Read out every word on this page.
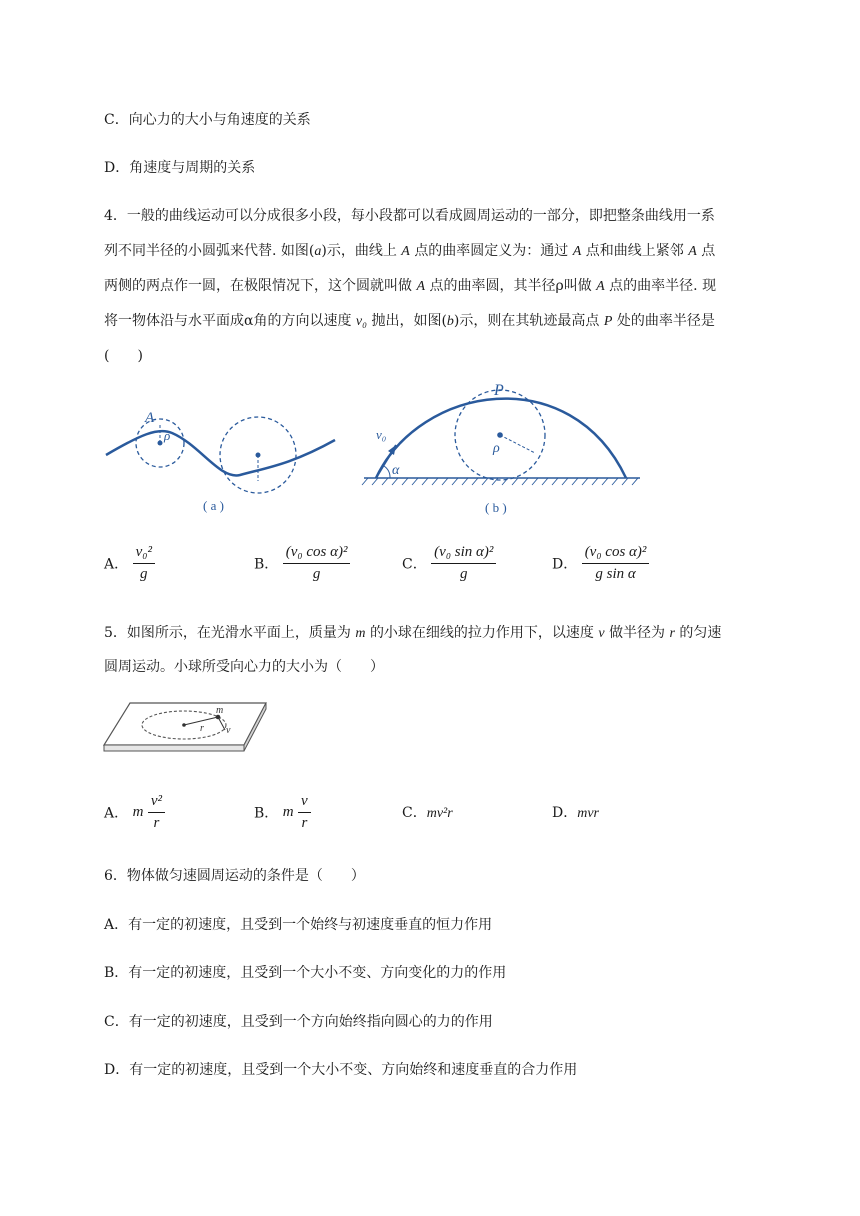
C．向心力的大小与角速度的关系
D．角速度与周期的关系
4．一般的曲线运动可以分成很多小段，每小段都可以看成圆周运动的一部分，即把整条曲线用一系
列不同半径的小圆弧来代替. 如图(a)示，曲线上 A 点的曲率圆定义为：通过 A 点和曲线上紧邻 A 点
两侧的两点作一圆，在极限情况下，这个圆就叫做 A 点的曲率圆，其半径ρ叫做 A 点的曲率半径. 现
将一物体沿与水平面成α角的方向以速度 v₀ 抛出，如图(b)示，则在其轨迹最高点 P 处的曲率半径是
(　　)
A
ρ
( a )
P
v₀
ρ
α
( b )
A． $\frac{\text{v₀²}}{g}$	B． $\frac{\text{(v₀ cos α)²}}{g}$	C． $\frac{\text{(v₀ sin α)²}}{g}$	D． $\frac{\text{(v₀ cos α)²}}{\text{g sin α}}$
5．如图所示，在光滑水平面上，质量为 m 的小球在细线的拉力作用下，以速度 v 做半径为 r 的匀速
圆周运动。小球所受向心力的大小为（　　）
m
r v
A． m $\frac{\text{v²}}{r}$	B． m $\frac{v}{r}$	C．mv²r	D．mvr
6．物体做匀速圆周运动的条件是（　　）
A．有一定的初速度，且受到一个始终与初速度垂直的恒力作用
B．有一定的初速度，且受到一个大小不变、方向变化的力的作用
C．有一定的初速度，且受到一个方向始终指向圆心的力的作用
D．有一定的初速度，且受到一个大小不变、方向始终和速度垂直的合力作用
